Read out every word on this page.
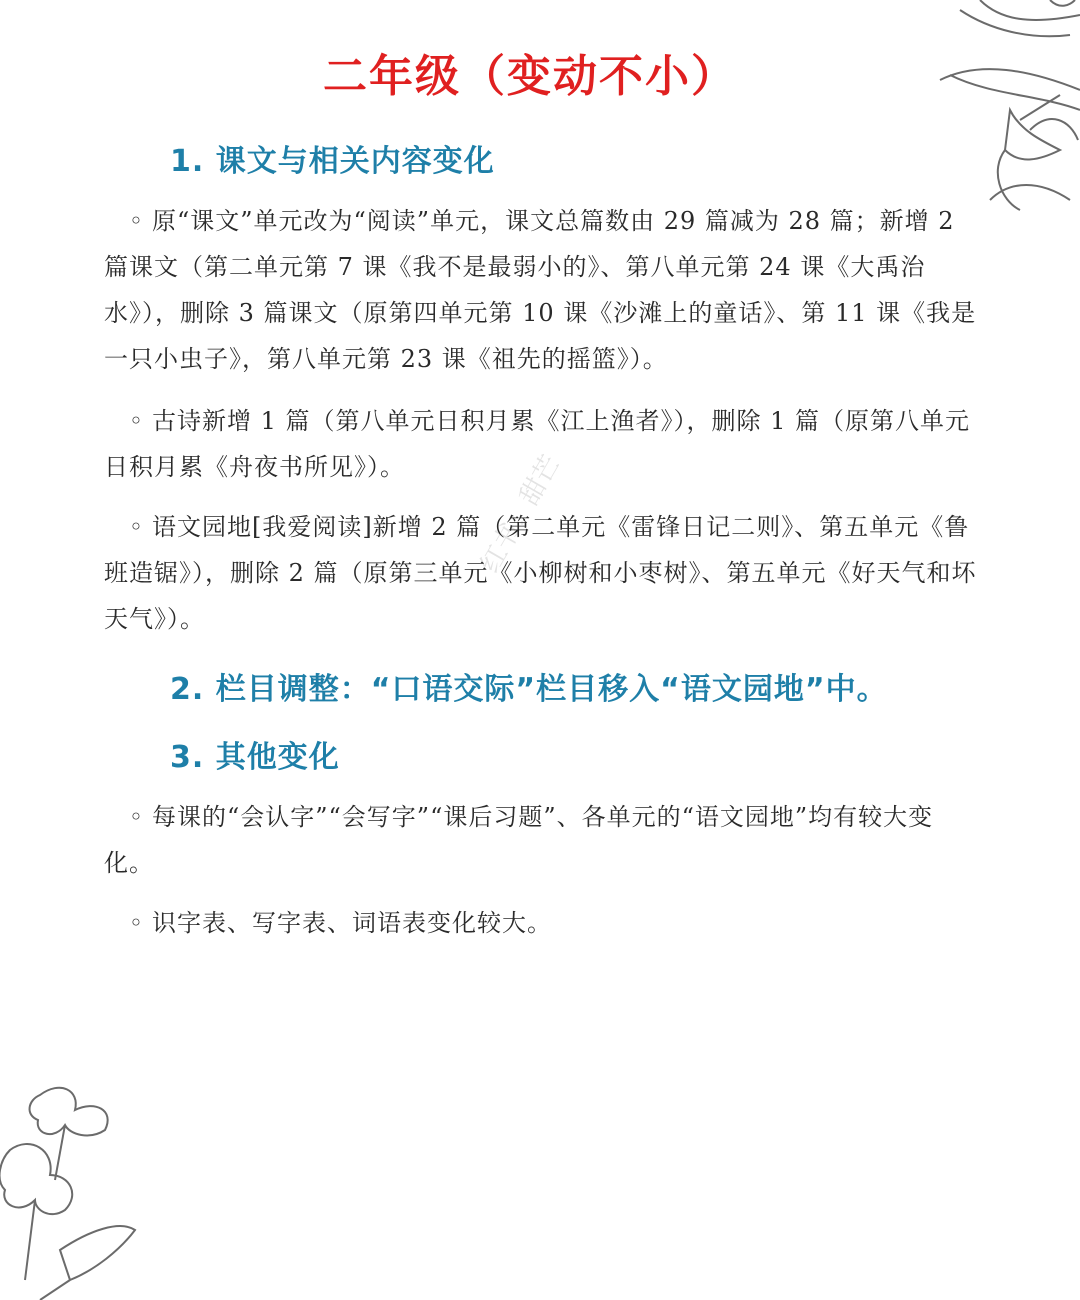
红书：甜芒
二年级（变动不小）
1. 课文与相关内容变化

◦ 原“课文”单元改为“阅读”单元，课文总篇数由 29 篇减为 28 篇；新增 2 篇课文（第二单元第 7 课《我不是最弱小的》、第八单元第 24 课《大禹治水》），删除 3 篇课文（原第四单元第 10 课《沙滩上的童话》、第 11 课《我是一只小虫子》，第八单元第 23 课《祖先的摇篮》）。

◦ 古诗新增 1 篇（第八单元日积月累《江上渔者》），删除 1 篇（原第八单元日积月累《舟夜书所见》）。

◦ 语文园地[我爱阅读]新增 2 篇（第二单元《雷锋日记二则》、第五单元《鲁班造锯》），删除 2 篇（原第三单元《小柳树和小枣树》、第五单元《好天气和坏天气》）。

2. 栏目调整：“口语交际”栏目移入“语文园地”中。
3. 其他变化

◦ 每课的“会认字”“会写字”“课后习题”、各单元的“语文园地”均有较大变化。

◦ 识字表、写字表、词语表变化较大。
